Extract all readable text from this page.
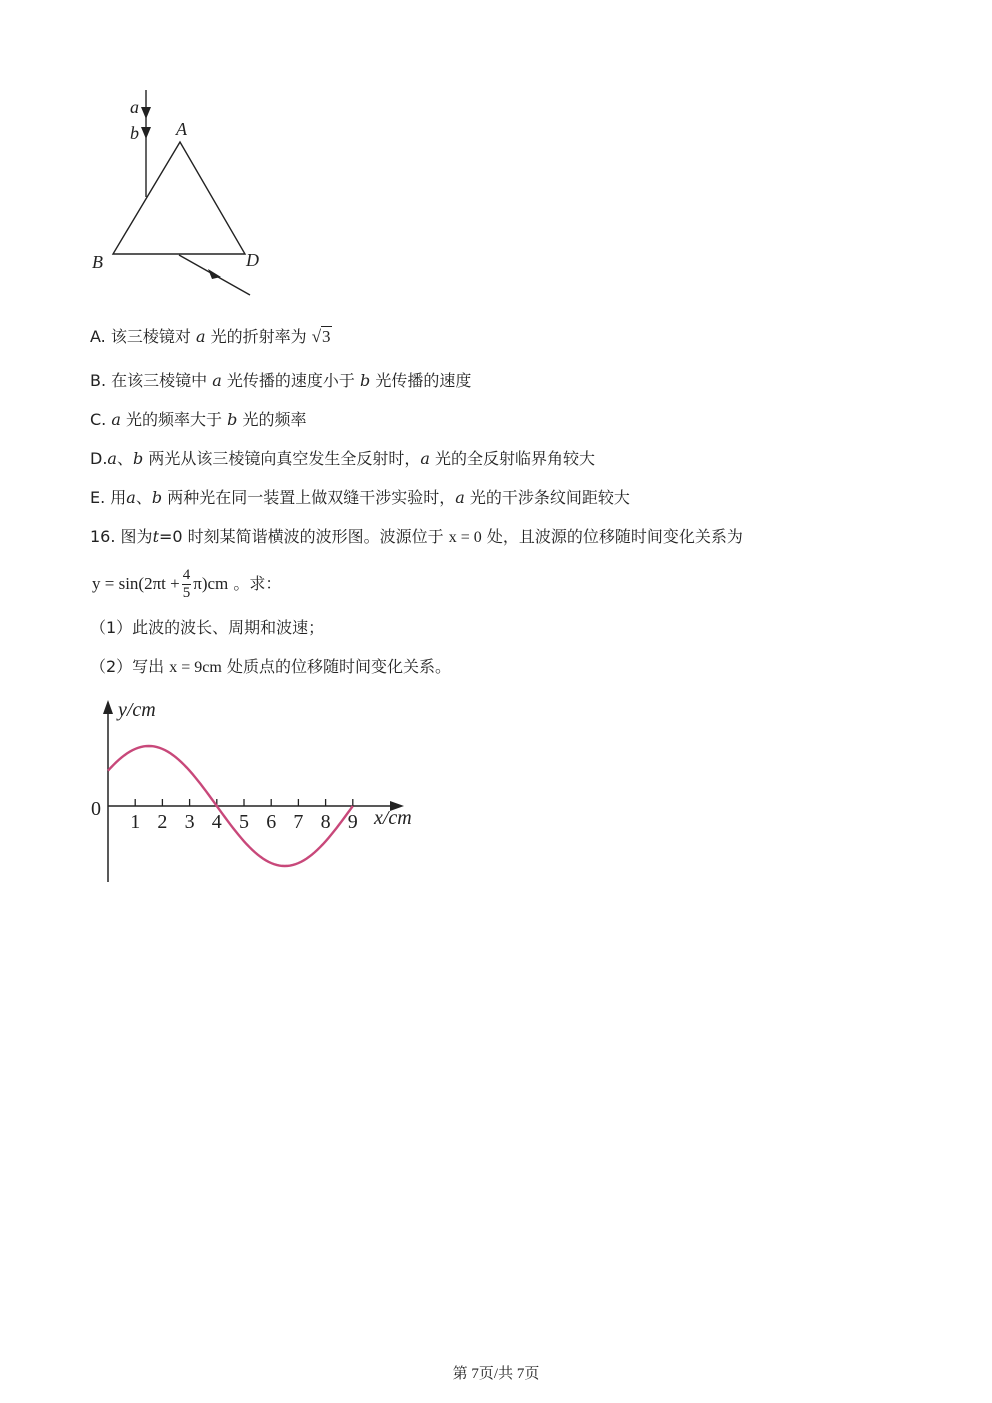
a
b A
B	D
A. 该三棱镜对 a 光的折射率为 √3
B. 在该三棱镜中 a 光传播的速度小于 b 光传播的速度
C. a 光的频率大于 b 光的频率
D.a、b 两光从该三棱镜向真空发生全反射时，a 光的全反射临界角较大
E. 用a、b 两种光在同一装置上做双缝干涉实验时，a 光的干涉条纹间距较大
16. 图为t=0 时刻某简谐横波的波形图。波源位于 x = 0 处，且波源的位移随时间变化关系为
$y = \sin(2\pi t + \frac{4}{5} \pi)cm$ 。求：
（1）此波的波长、周期和波速；
（2）写出 x = 9cm 处质点的位移随时间变化关系。
y/cm
x/cm
0
1 2 3 4 5 6 7 8 9
第 7页/共 7页
